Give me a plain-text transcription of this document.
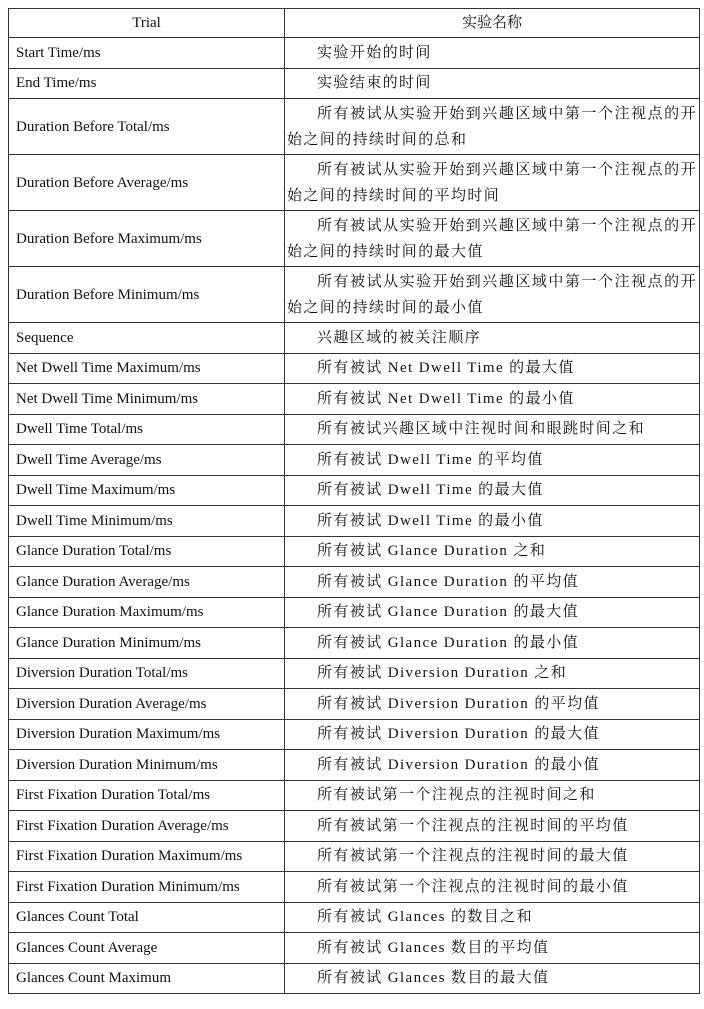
Trial	实验名称
Start Time/ms	实验开始的时间

End Time/ms	实验结束的时间

Duration Before Total/ms	所有被试从实验开始到兴趣区域中第一个注视点的开始之间的持续时间的总和

Duration Before Average/ms	所有被试从实验开始到兴趣区域中第一个注视点的开始之间的持续时间的平均时间

Duration Before Maximum/ms	所有被试从实验开始到兴趣区域中第一个注视点的开始之间的持续时间的最大值

Duration Before Minimum/ms	所有被试从实验开始到兴趣区域中第一个注视点的开始之间的持续时间的最小值

Sequence	兴趣区域的被关注顺序

Net Dwell Time Maximum/ms	所有被试 Net Dwell Time 的最大值

Net Dwell Time Minimum/ms	所有被试 Net Dwell Time 的最小值

Dwell Time Total/ms	所有被试兴趣区域中注视时间和眼跳时间之和

Dwell Time Average/ms	所有被试 Dwell Time 的平均值

Dwell Time Maximum/ms	所有被试 Dwell Time 的最大值

Dwell Time Minimum/ms	所有被试 Dwell Time 的最小值

Glance Duration Total/ms	所有被试 Glance Duration 之和

Glance Duration Average/ms	所有被试 Glance Duration 的平均值

Glance Duration Maximum/ms	所有被试 Glance Duration 的最大值

Glance Duration Minimum/ms	所有被试 Glance Duration 的最小值

Diversion Duration Total/ms	所有被试 Diversion Duration 之和

Diversion Duration Average/ms	所有被试 Diversion Duration 的平均值

Diversion Duration Maximum/ms	所有被试 Diversion Duration 的最大值

Diversion Duration Minimum/ms	所有被试 Diversion Duration 的最小值

First Fixation Duration Total/ms	所有被试第一个注视点的注视时间之和

First Fixation Duration Average/ms	所有被试第一个注视点的注视时间的平均值

First Fixation Duration Maximum/ms	所有被试第一个注视点的注视时间的最大值

First Fixation Duration Minimum/ms	所有被试第一个注视点的注视时间的最小值

Glances Count Total	所有被试 Glances 的数目之和

Glances Count Average	所有被试 Glances 数目的平均值

Glances Count Maximum	所有被试 Glances 数目的最大值
